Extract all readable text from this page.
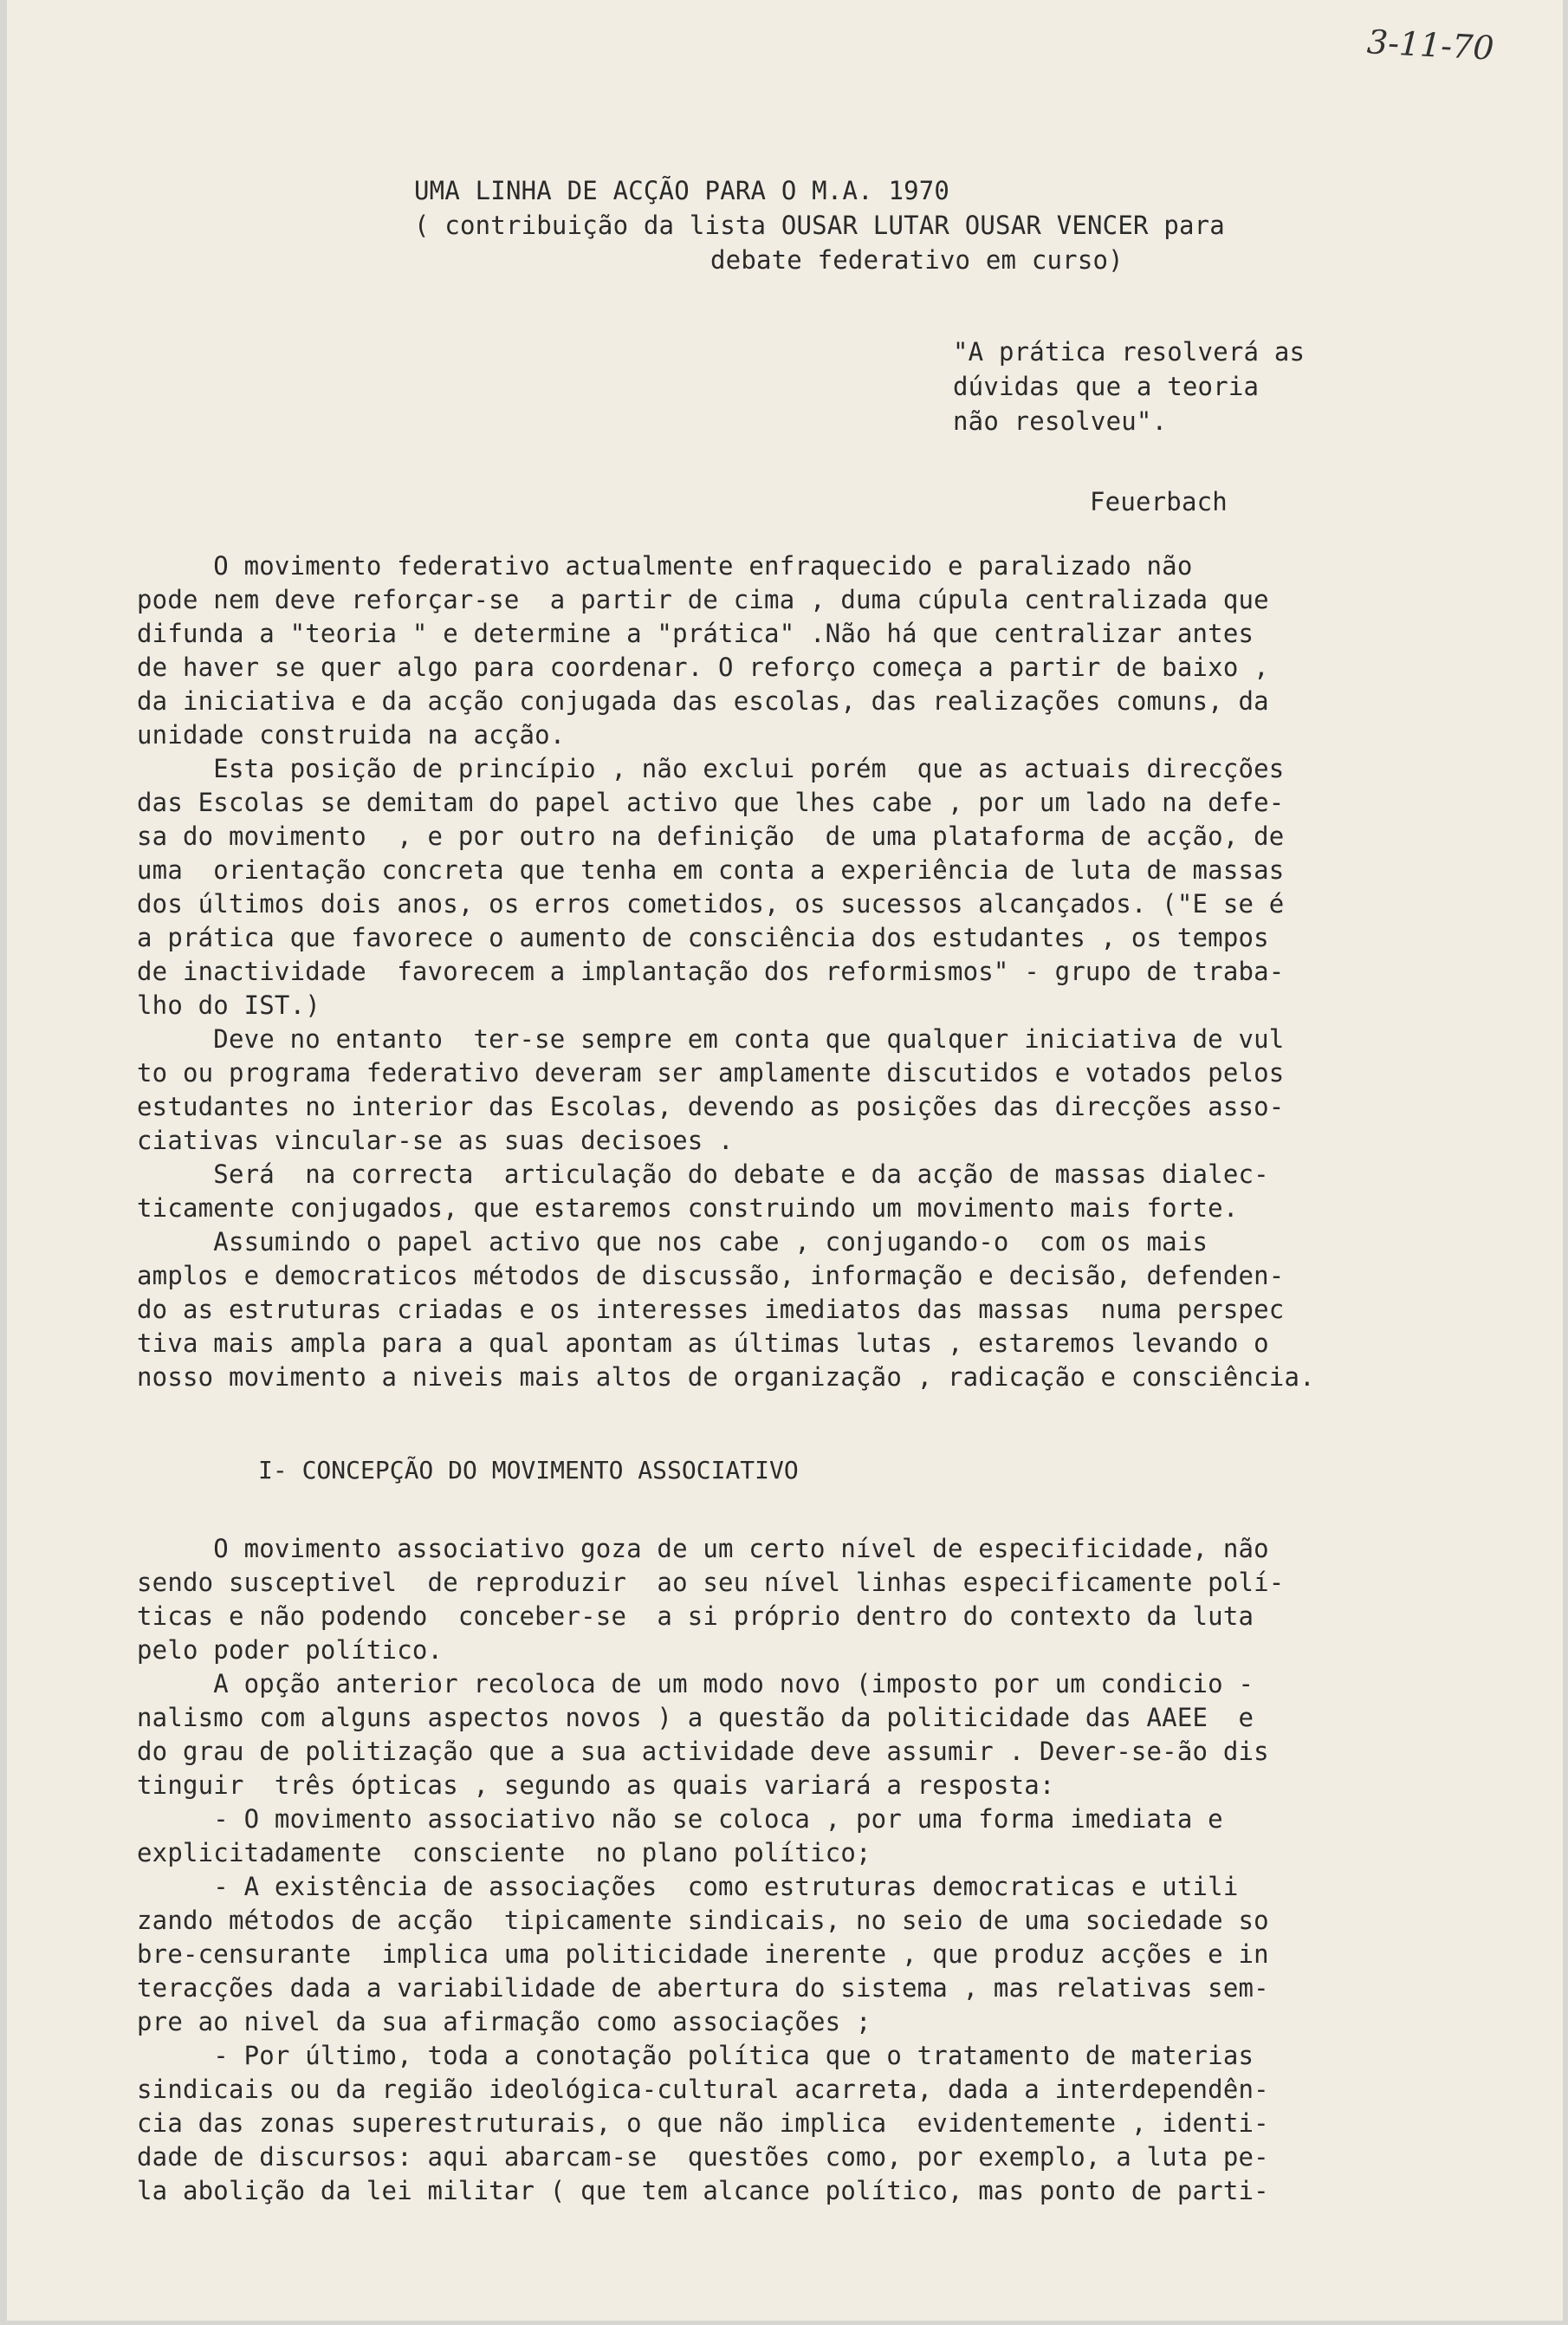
3-11-70
UMA LINHA DE ACÇÃO PARA O M.A. 1970
( contribuição da lista OUSAR LUTAR OUSAR VENCER para
debate federativo em curso)
"A prática resolverá as
dúvidas que a teoria
não resolveu".
Feuerbach
O movimento federativo actualmente enfraquecido e paralizado não
pode nem deve reforçar-se  a partir de cima , duma cúpula centralizada que
difunda a "teoria " e determine a "prática" .Não há que centralizar antes
de haver se quer algo para coordenar. O reforço começa a partir de baixo ,
da iniciativa e da acção conjugada das escolas, das realizações comuns, da
unidade construida na acção.
Esta posição de princípio , não exclui porém  que as actuais direcções
das Escolas se demitam do papel activo que lhes cabe , por um lado na defe-
sa do movimento  , e por outro na definição  de uma plataforma de acção, de
uma  orientação concreta que tenha em conta a experiência de luta de massas
dos últimos dois anos, os erros cometidos, os sucessos alcançados. ("E se é
a prática que favorece o aumento de consciência dos estudantes , os tempos
de inactividade  favorecem a implantação dos reformismos" - grupo de traba-
lho do IST.)
Deve no entanto  ter-se sempre em conta que qualquer iniciativa de vul
to ou programa federativo deveram ser amplamente discutidos e votados pelos
estudantes no interior das Escolas, devendo as posições das direcções asso-
ciativas vincular-se as suas decisoes .
Será  na correcta  articulação do debate e da acção de massas dialec-
ticamente conjugados, que estaremos construindo um movimento mais forte.
Assumindo o papel activo que nos cabe , conjugando-o  com os mais
amplos e democraticos métodos de discussão, informação e decisão, defenden-
do as estruturas criadas e os interesses imediatos das massas  numa perspec
tiva mais ampla para a qual apontam as últimas lutas , estaremos levando o
nosso movimento a niveis mais altos de organização , radicação e consciência.
I- CONCEPÇÃO DO MOVIMENTO ASSOCIATIVO
O movimento associativo goza de um certo nível de especificidade, não
sendo susceptivel  de reproduzir  ao seu nível linhas especificamente polí-
ticas e não podendo  conceber-se  a si próprio dentro do contexto da luta
pelo poder político.
A opção anterior recoloca de um modo novo (imposto por um condicio -
nalismo com alguns aspectos novos ) a questão da politicidade das AAEE  e
do grau de politização que a sua actividade deve assumir . Dever-se-ão dis
tinguir  três ópticas , segundo as quais variará a resposta:
- O movimento associativo não se coloca , por uma forma imediata e
explicitadamente  consciente  no plano político;
- A existência de associações  como estruturas democraticas e utili
zando métodos de acção  tipicamente sindicais, no seio de uma sociedade so
bre-censurante  implica uma politicidade inerente , que produz acções e in
teracções dada a variabilidade de abertura do sistema , mas relativas sem-
pre ao nivel da sua afirmação como associações ;
- Por último, toda a conotação política que o tratamento de materias
sindicais ou da região ideológica-cultural acarreta, dada a interdependên-
cia das zonas superestruturais, o que não implica  evidentemente , identi-
dade de discursos: aqui abarcam-se  questões como, por exemplo, a luta pe-
la abolição da lei militar ( que tem alcance político, mas ponto de parti-
